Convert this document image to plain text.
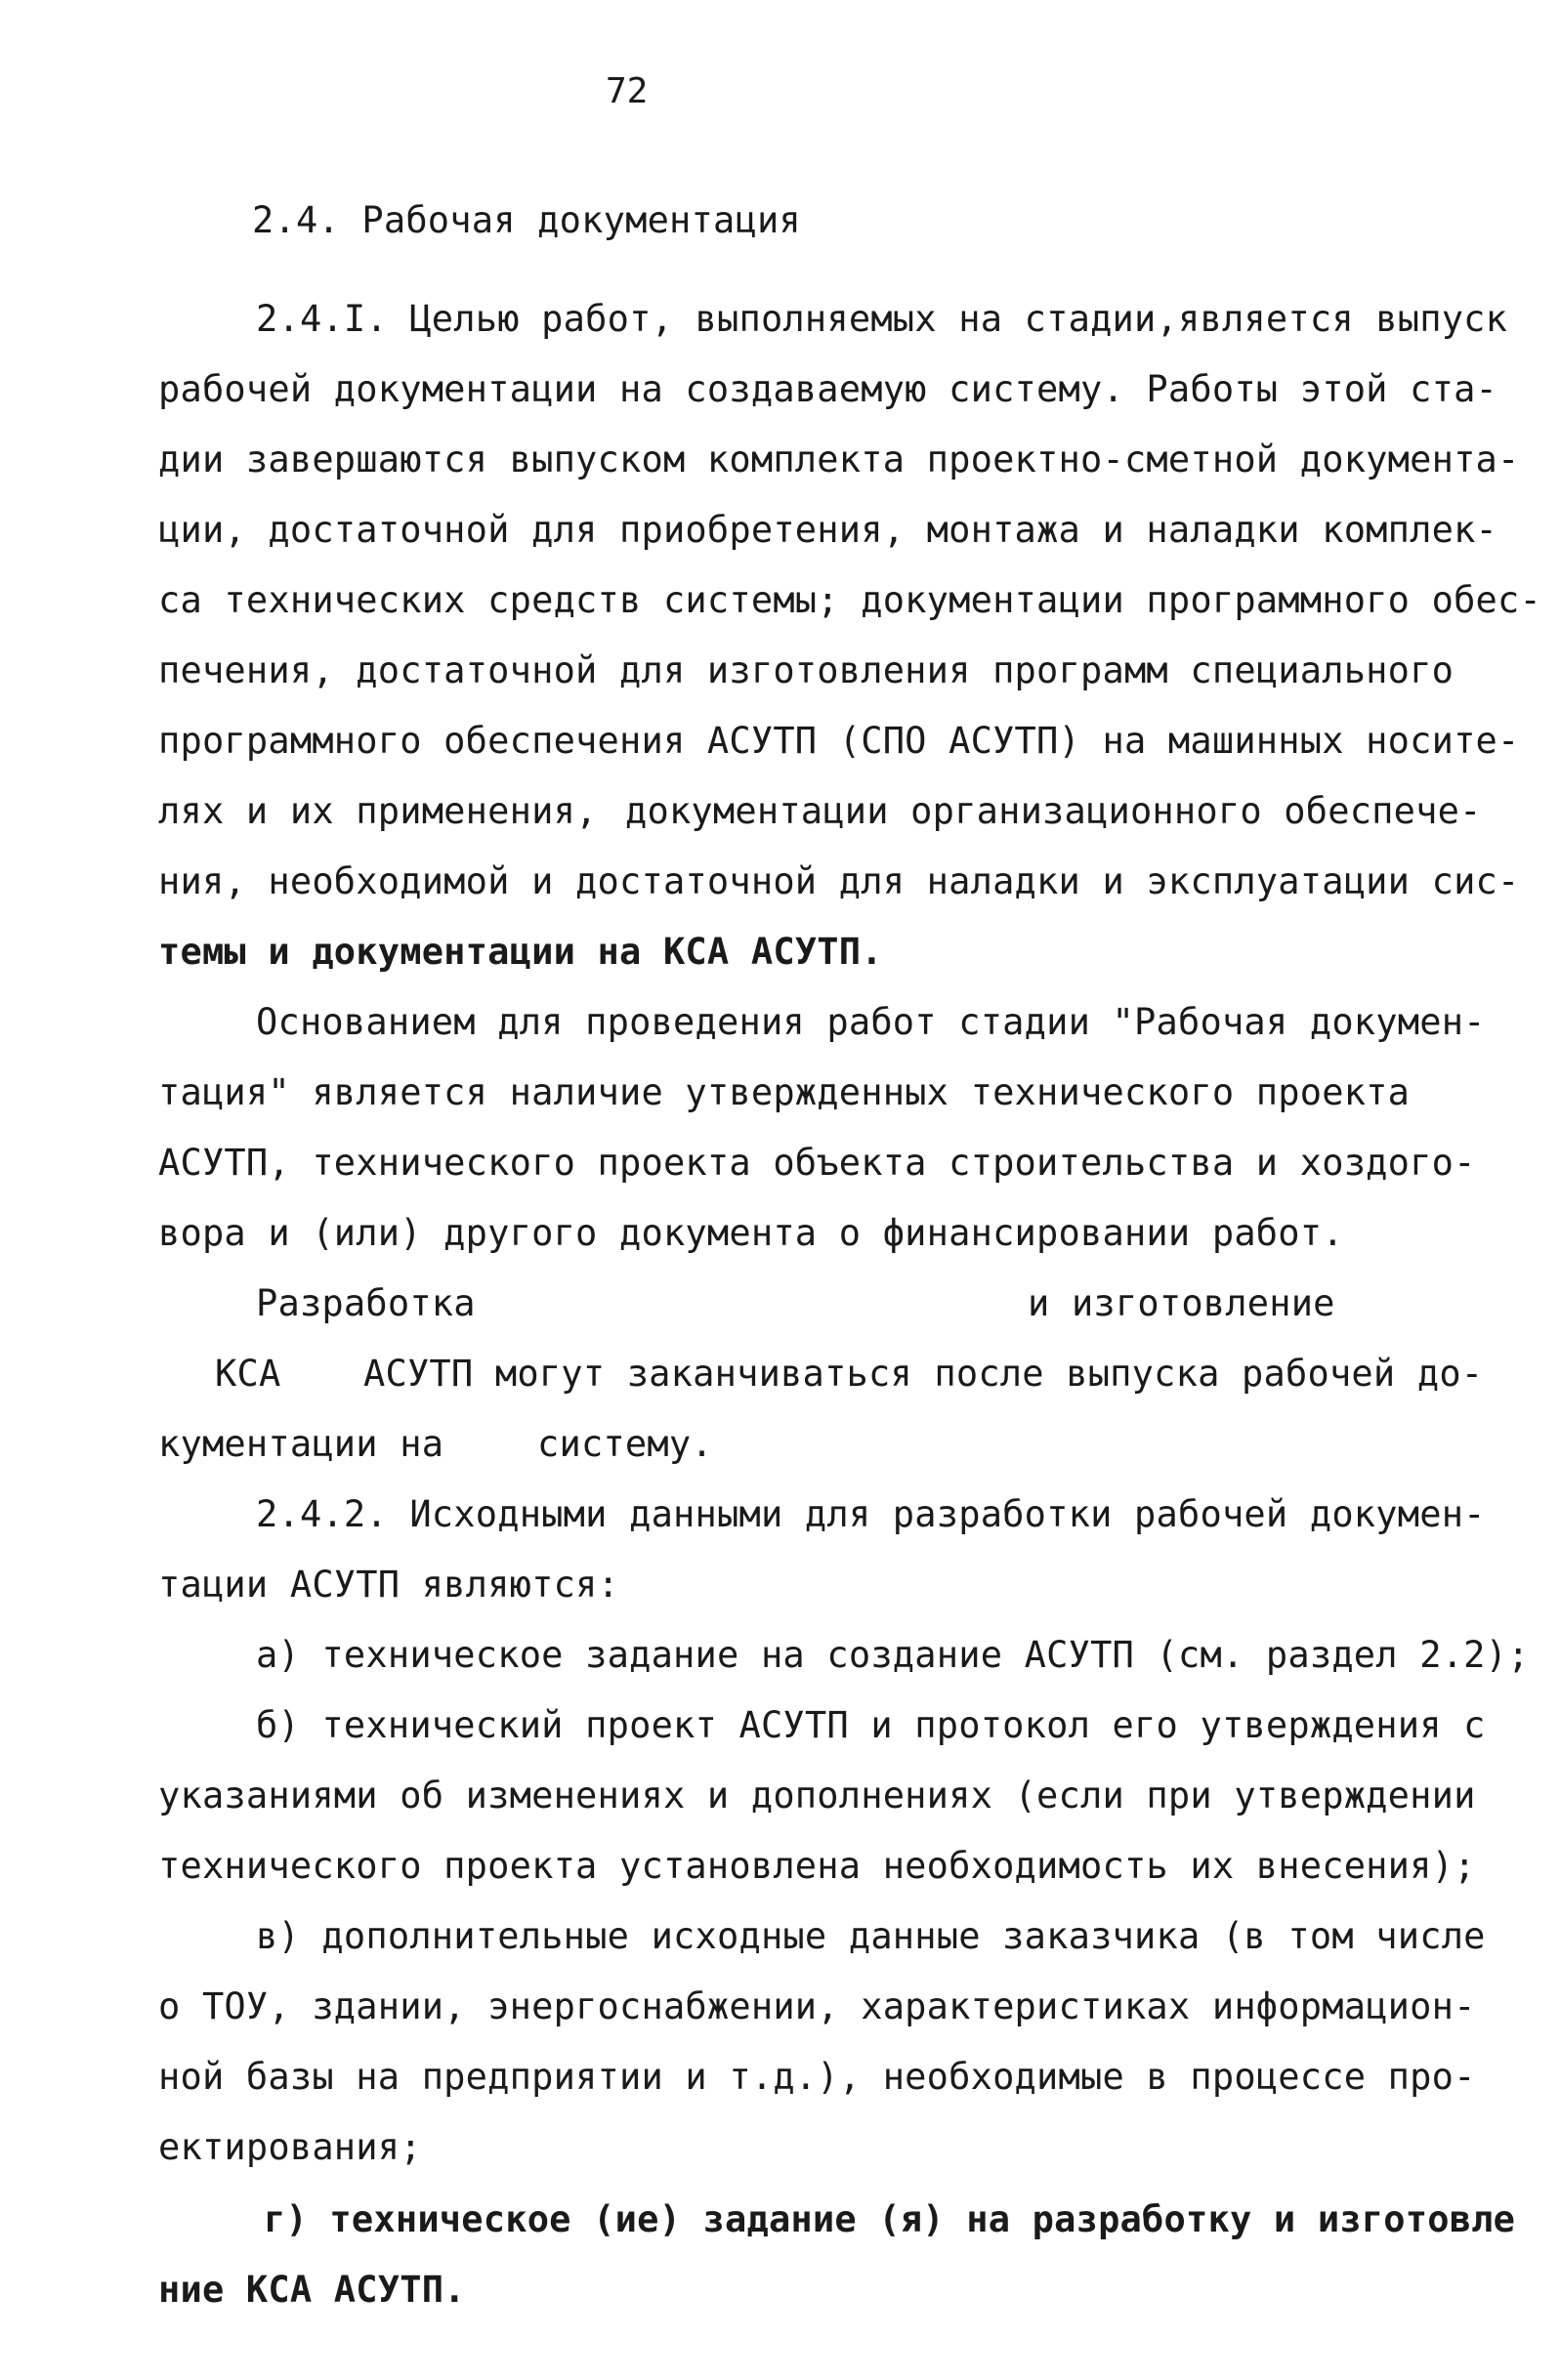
72
2.4. Рабочая документация
2.4.I. Целью работ, выполняемых на стадии,является выпуск
рабочей документации на создаваемую систему. Работы этой ста-
дии завершаются выпуском комплекта проектно-сметной документа-
ции, достаточной для приобретения, монтажа и наладки комплек-
са технических средств системы; документации программного обес-
печения, достаточной для изготовления программ специального
программного обеспечения АСУТП (СПО АСУТП) на машинных носите-
лях и их применения, документации организационного обеспече-
ния, необходимой и достаточной для наладки и эксплуатации сис-
темы и документации на КСА АСУТП.
Основанием для проведения работ стадии "Рабочая докумен-
тация" является наличие утвержденных технического проекта
АСУТП, технического проекта объекта строительства и хоздого-
вора и (или) другого документа о финансировании работ.
Разработка	и изготовление
КСА АСУТП могут заканчиваться после выпуска рабочей до-
кументации на	систему.
2.4.2. Исходными данными для разработки рабочей докумен-
тации АСУТП являются:
а) техническое задание на создание АСУТП (см. раздел 2.2);
б) технический проект АСУТП и протокол его утверждения с
указаниями об изменениях и дополнениях (если при утверждении
технического проекта установлена необходимость их внесения);
в) дополнительные исходные данные заказчика (в том числе
о ТОУ, здании, энергоснабжении, характеристиках информацион-
ной базы на предприятии и т.д.), необходимые в процессе про-
ектирования;
г) техническое (ие) задание (я) на разработку и изготовле
ние КСА АСУТП.
